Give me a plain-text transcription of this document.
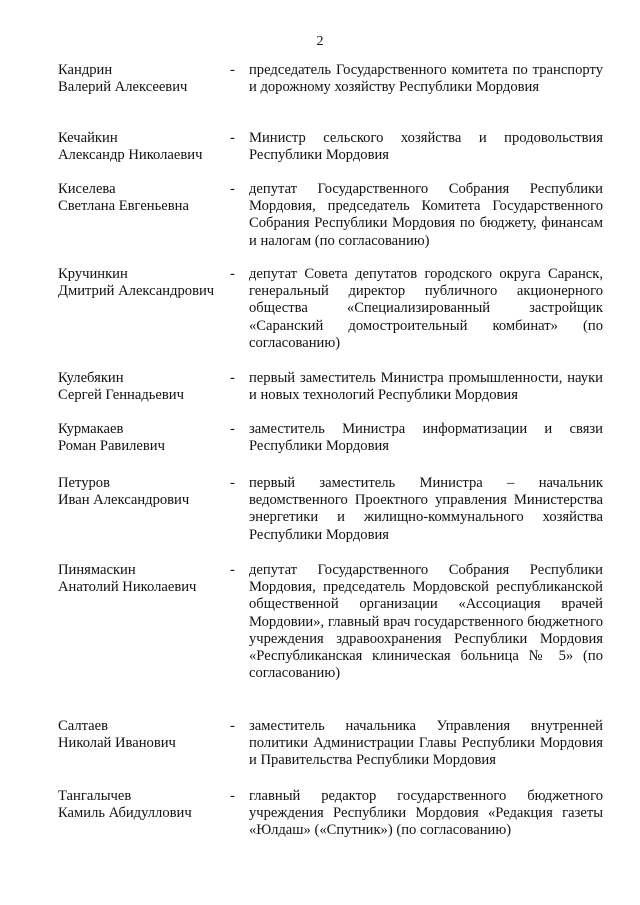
2
Кандрин
Валерий Алексеевич
- председатель Государственного комитета по транспорту и дорожному хозяйству Республики Мордовия
Кечайкин
Александр Николаевич
- Министр сельского хозяйства и продовольствия Республики Мордовия
Киселева
Светлана Евгеньевна
- депутат Государственного Собрания Республики Мордовия, председатель Комитета Государственного Собрания Республики Мордовия по бюджету, финансам и налогам (по согласованию)
Кручинкин
Дмитрий Александрович
- депутат Совета депутатов городского округа Саранск, генеральный директор публичного акционерного общества «Специализированный застройщик «Саранский домостроительный комбинат» (по согласованию)
Кулебякин
Сергей Геннадьевич
- первый заместитель Министра промышленности, науки и новых технологий Республики Мордовия
Курмакаев
Роман Равилевич
- заместитель Министра информатизации и связи Республики Мордовия
Петуров
Иван Александрович
- первый заместитель Министра – начальник ведомственного Проектного управления Министерства энергетики и жилищно-коммунального хозяйства Республики Мордовия
Пинямаскин
Анатолий Николаевич
- депутат Государственного Собрания Республики Мордовия, председатель Мордовской республиканской общественной организации «Ассоциация врачей Мордовии», главный врач государственного бюджетного учреждения здравоохранения Республики Мордовия «Республиканская клиническая больница № 5» (по согласованию)
Салтаев
Николай Иванович
- заместитель начальника Управления внутренней политики Администрации Главы Республики Мордовия и Правительства Республики Мордовия
Тангалычев
Камиль Абидуллович
- главный редактор государственного бюджетного учреждения Республики Мордовия «Редакция газеты «Юлдаш» («Спутник») (по согласованию)
